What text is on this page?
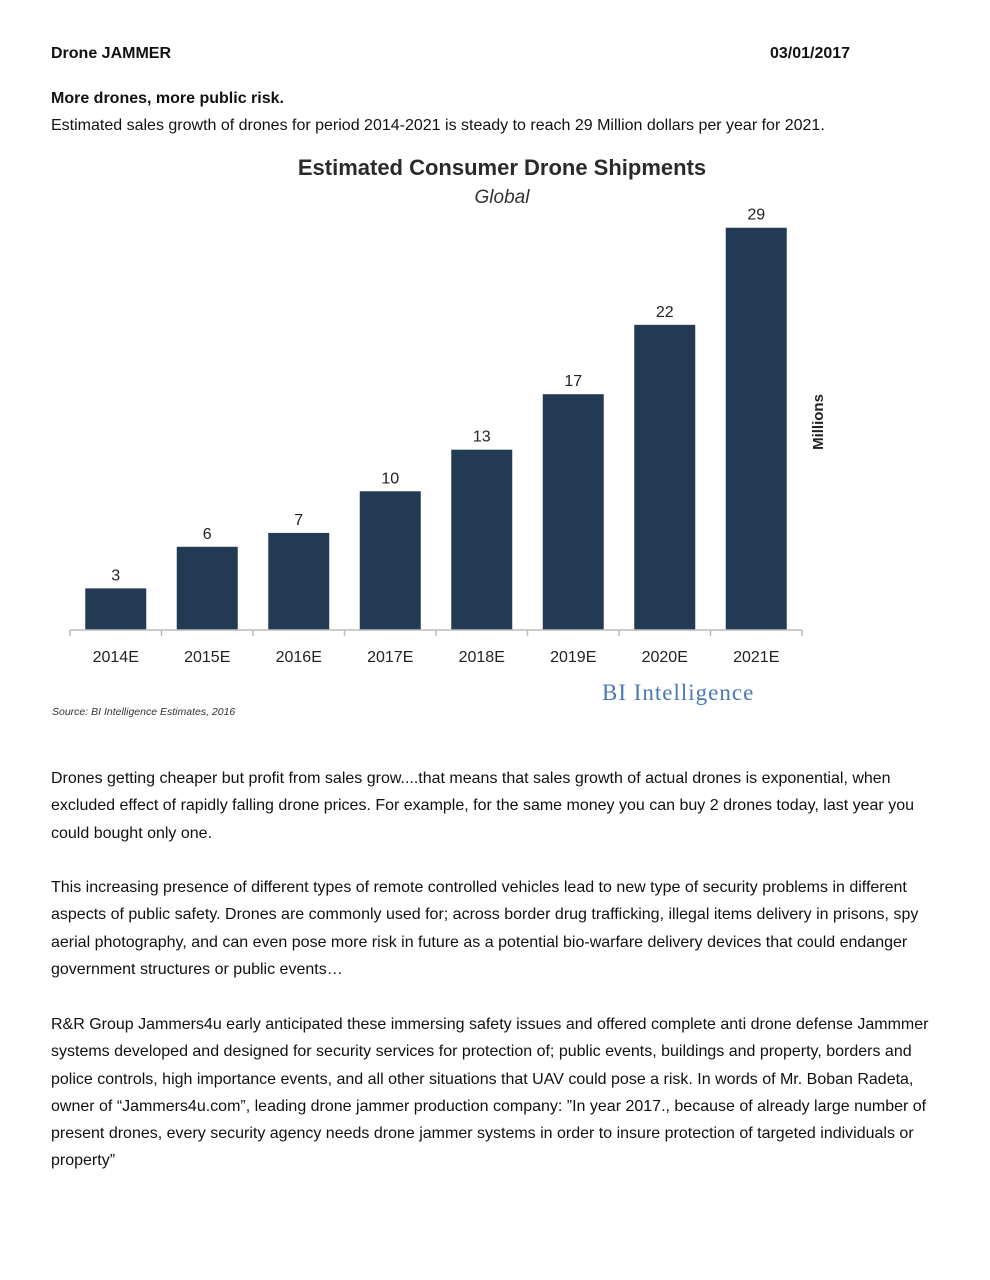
Drone JAMMER	03/01/2017
More drones, more public risk.
Estimated sales growth of drones for period 2014-2021 is steady to reach 29 Million dollars per year for 2021.
Estimated Consumer Drone Shipments
Global
3
6
7
10
13
17
22
29
2014E	2015E	2016E	2017E	2018E	2019E	2020E	2021E
Millions
BI Intelligence
Source: BI Intelligence Estimates, 2016

Drones getting cheaper but profit from sales grow....that means that sales growth of actual drones is exponential, when excluded effect of rapidly falling drone prices. For example, for the same money you can buy 2 drones today, last year you could bought only one.

This increasing presence of different types of remote controlled vehicles lead to new type of security problems in different aspects of public safety. Drones are commonly used for; across border drug trafficking, illegal items delivery in prisons, spy aerial photography, and can even pose more risk in future as a potential bio-warfare delivery devices that could endanger government structures or public events…

R&R Group Jammers4u early anticipated these immersing safety issues and offered complete anti drone defense Jammmer systems developed and designed for security services for protection of; public events, buildings and property, borders and police controls, high importance events, and all other situations that UAV could pose a risk. In words of Mr. Boban Radeta, owner of “Jammers4u.com”, leading drone jammer production company: ”In year 2017., because of already large number of present drones, every security agency needs drone jammer systems in order to insure protection of targeted individuals or property”
